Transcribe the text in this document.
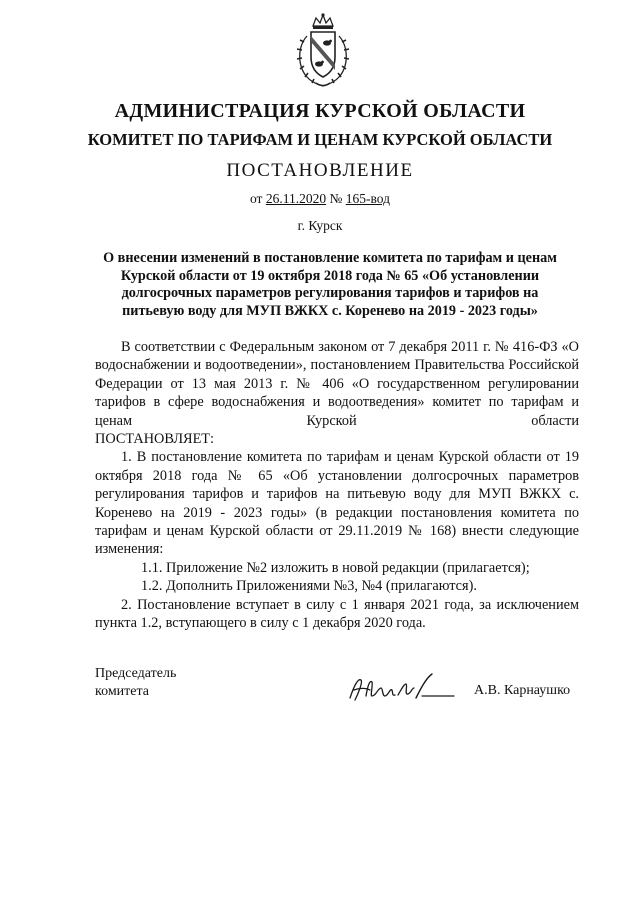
АДМИНИСТРАЦИЯ КУРСКОЙ ОБЛАСТИ
КОМИТЕТ ПО ТАРИФАМ И ЦЕНАМ КУРСКОЙ ОБЛАСТИ
ПОСТАНОВЛЕНИЕ
от 26.11.2020 № 165-вод
г. Курск
О внесении изменений в постановление комитета по тарифам и ценам Курской области от 19 октября 2018 года № 65 «Об установлении долгосрочных параметров регулирования тарифов и тарифов на питьевую воду для МУП ВЖКХ с. Коренево на 2019 - 2023 годы»

В соответствии с Федеральным законом от 7 декабря 2011 г. № 416-ФЗ «О водоснабжении и водоотведении», постановлением Правительства Российской Федерации от 13 мая 2013 г. № 406 «О государственном регулировании тарифов в сфере водоснабжения и водоотведения» комитет по тарифам и ценам Курской области

ПОСТАНОВЛЯЕТ:

1. В постановление комитета по тарифам и ценам Курской области от 19 октября 2018 года № 65 «Об установлении долгосрочных параметров регулирования тарифов и тарифов на питьевую воду для МУП ВЖКХ с. Коренево на 2019 - 2023 годы» (в редакции постановления комитета по тарифам и ценам Курской области от 29.11.2019 № 168) внести следующие изменения:

1.1. Приложение №2 изложить в новой редакции (прилагается);

1.2. Дополнить Приложениями №3, №4 (прилагаются).

2. Постановление вступает в силу с 1 января 2021 года, за исключением пункта 1.2, вступающего в силу с 1 декабря 2020 года.

Председатель
комитета	А.В. Карнаушко
